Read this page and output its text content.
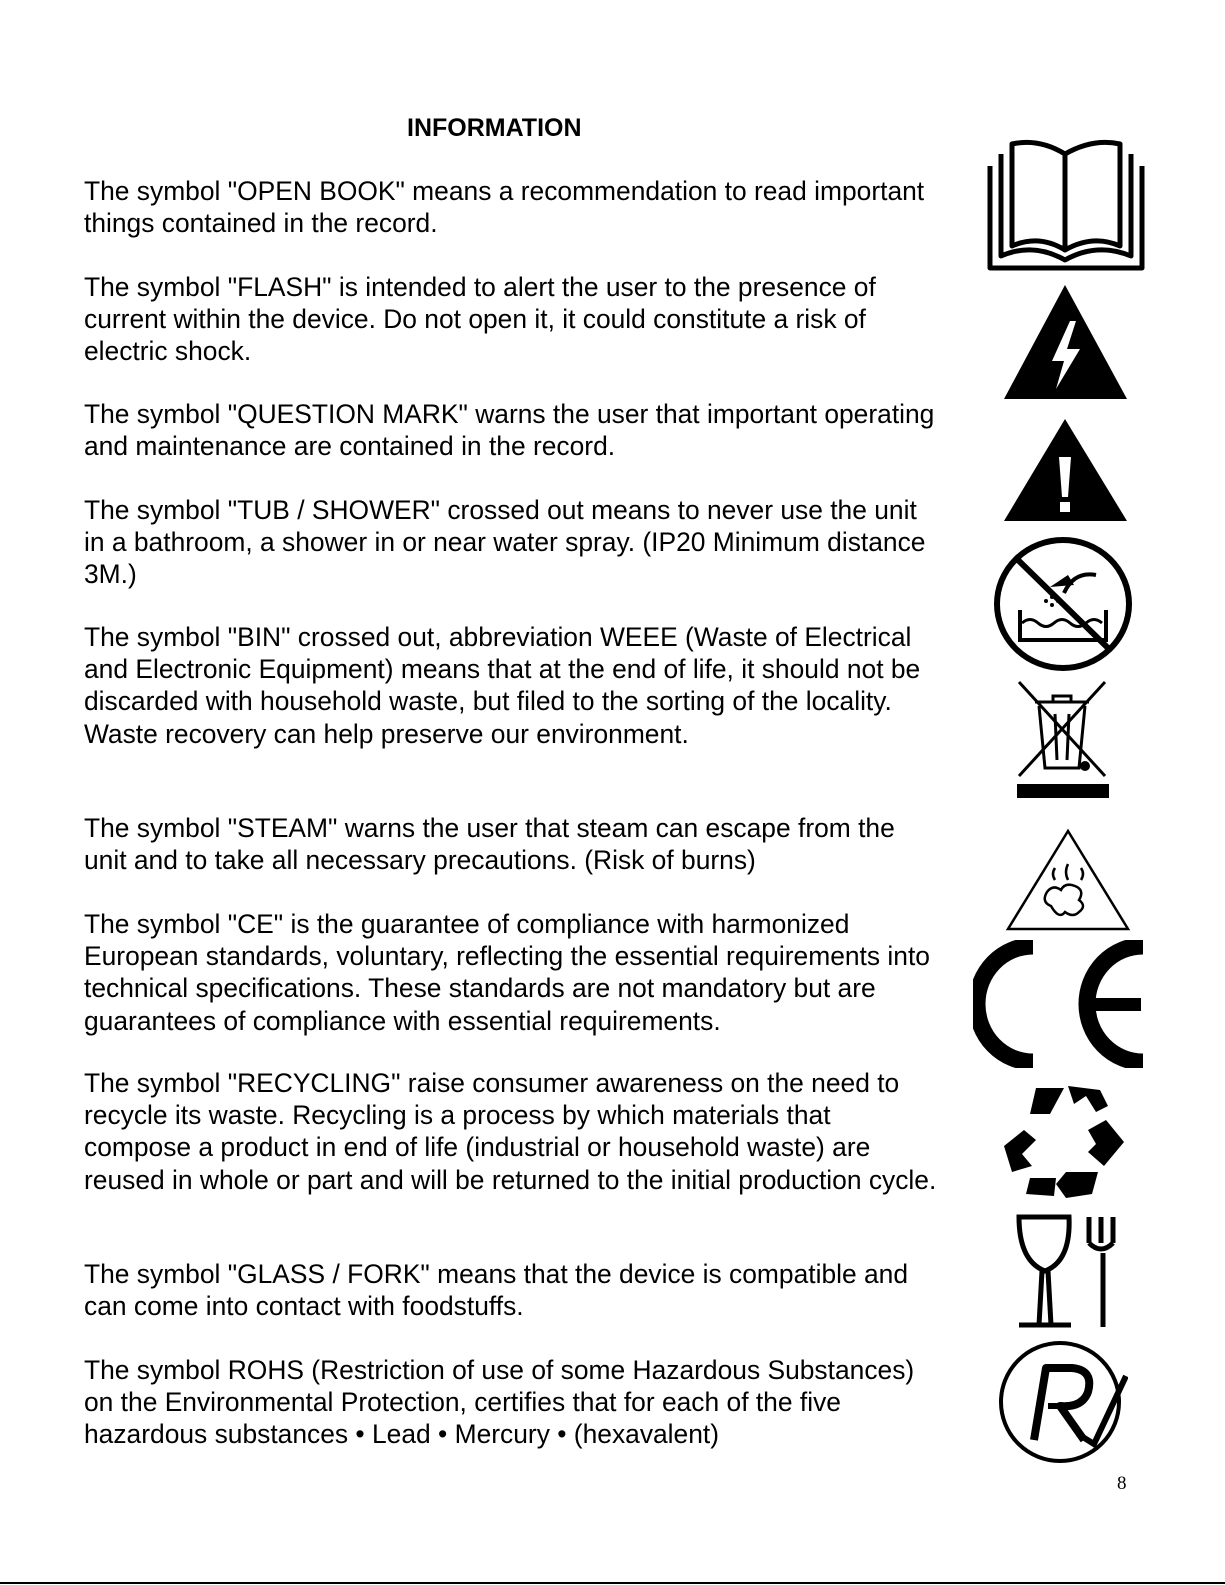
INFORMATION
The symbol "OPEN BOOK" means a recommendation to read important things contained in the record.
The symbol "FLASH" is intended to alert the user to the presence of current within the device. Do not open it, it could constitute a risk of electric shock.
The symbol "QUESTION MARK" warns the user that important operating and maintenance are contained in the record.
The symbol "TUB / SHOWER" crossed out means to never use the unit in a bathroom, a shower in or near water spray. (IP20 Minimum distance 3M.)
The symbol "BIN" crossed out, abbreviation WEEE (Waste of Electrical and Electronic Equipment) means that at the end of life, it should not be discarded with household waste, but filed to the sorting of the locality. Waste recovery can help preserve our environment.
The symbol "STEAM" warns the user that steam can escape from the unit and to take all necessary precautions. (Risk of burns)
The symbol "CE" is the guarantee of compliance with harmonized European standards, voluntary, reflecting the essential requirements into technical specifications. These standards are not mandatory but are guarantees of compliance with essential requirements.
The symbol "RECYCLING" raise consumer awareness on the need to recycle its waste. Recycling is a process by which materials that compose a product in end of life (industrial or household waste) are reused in whole or part and will be returned to the initial production cycle.
The symbol "GLASS / FORK" means that the device is compatible and can come into contact with foodstuffs.
The symbol ROHS (Restriction of use of some Hazardous Substances) on the Environmental Protection, certifies that for each of the five hazardous substances • Lead • Mercury • (hexavalent)
8
